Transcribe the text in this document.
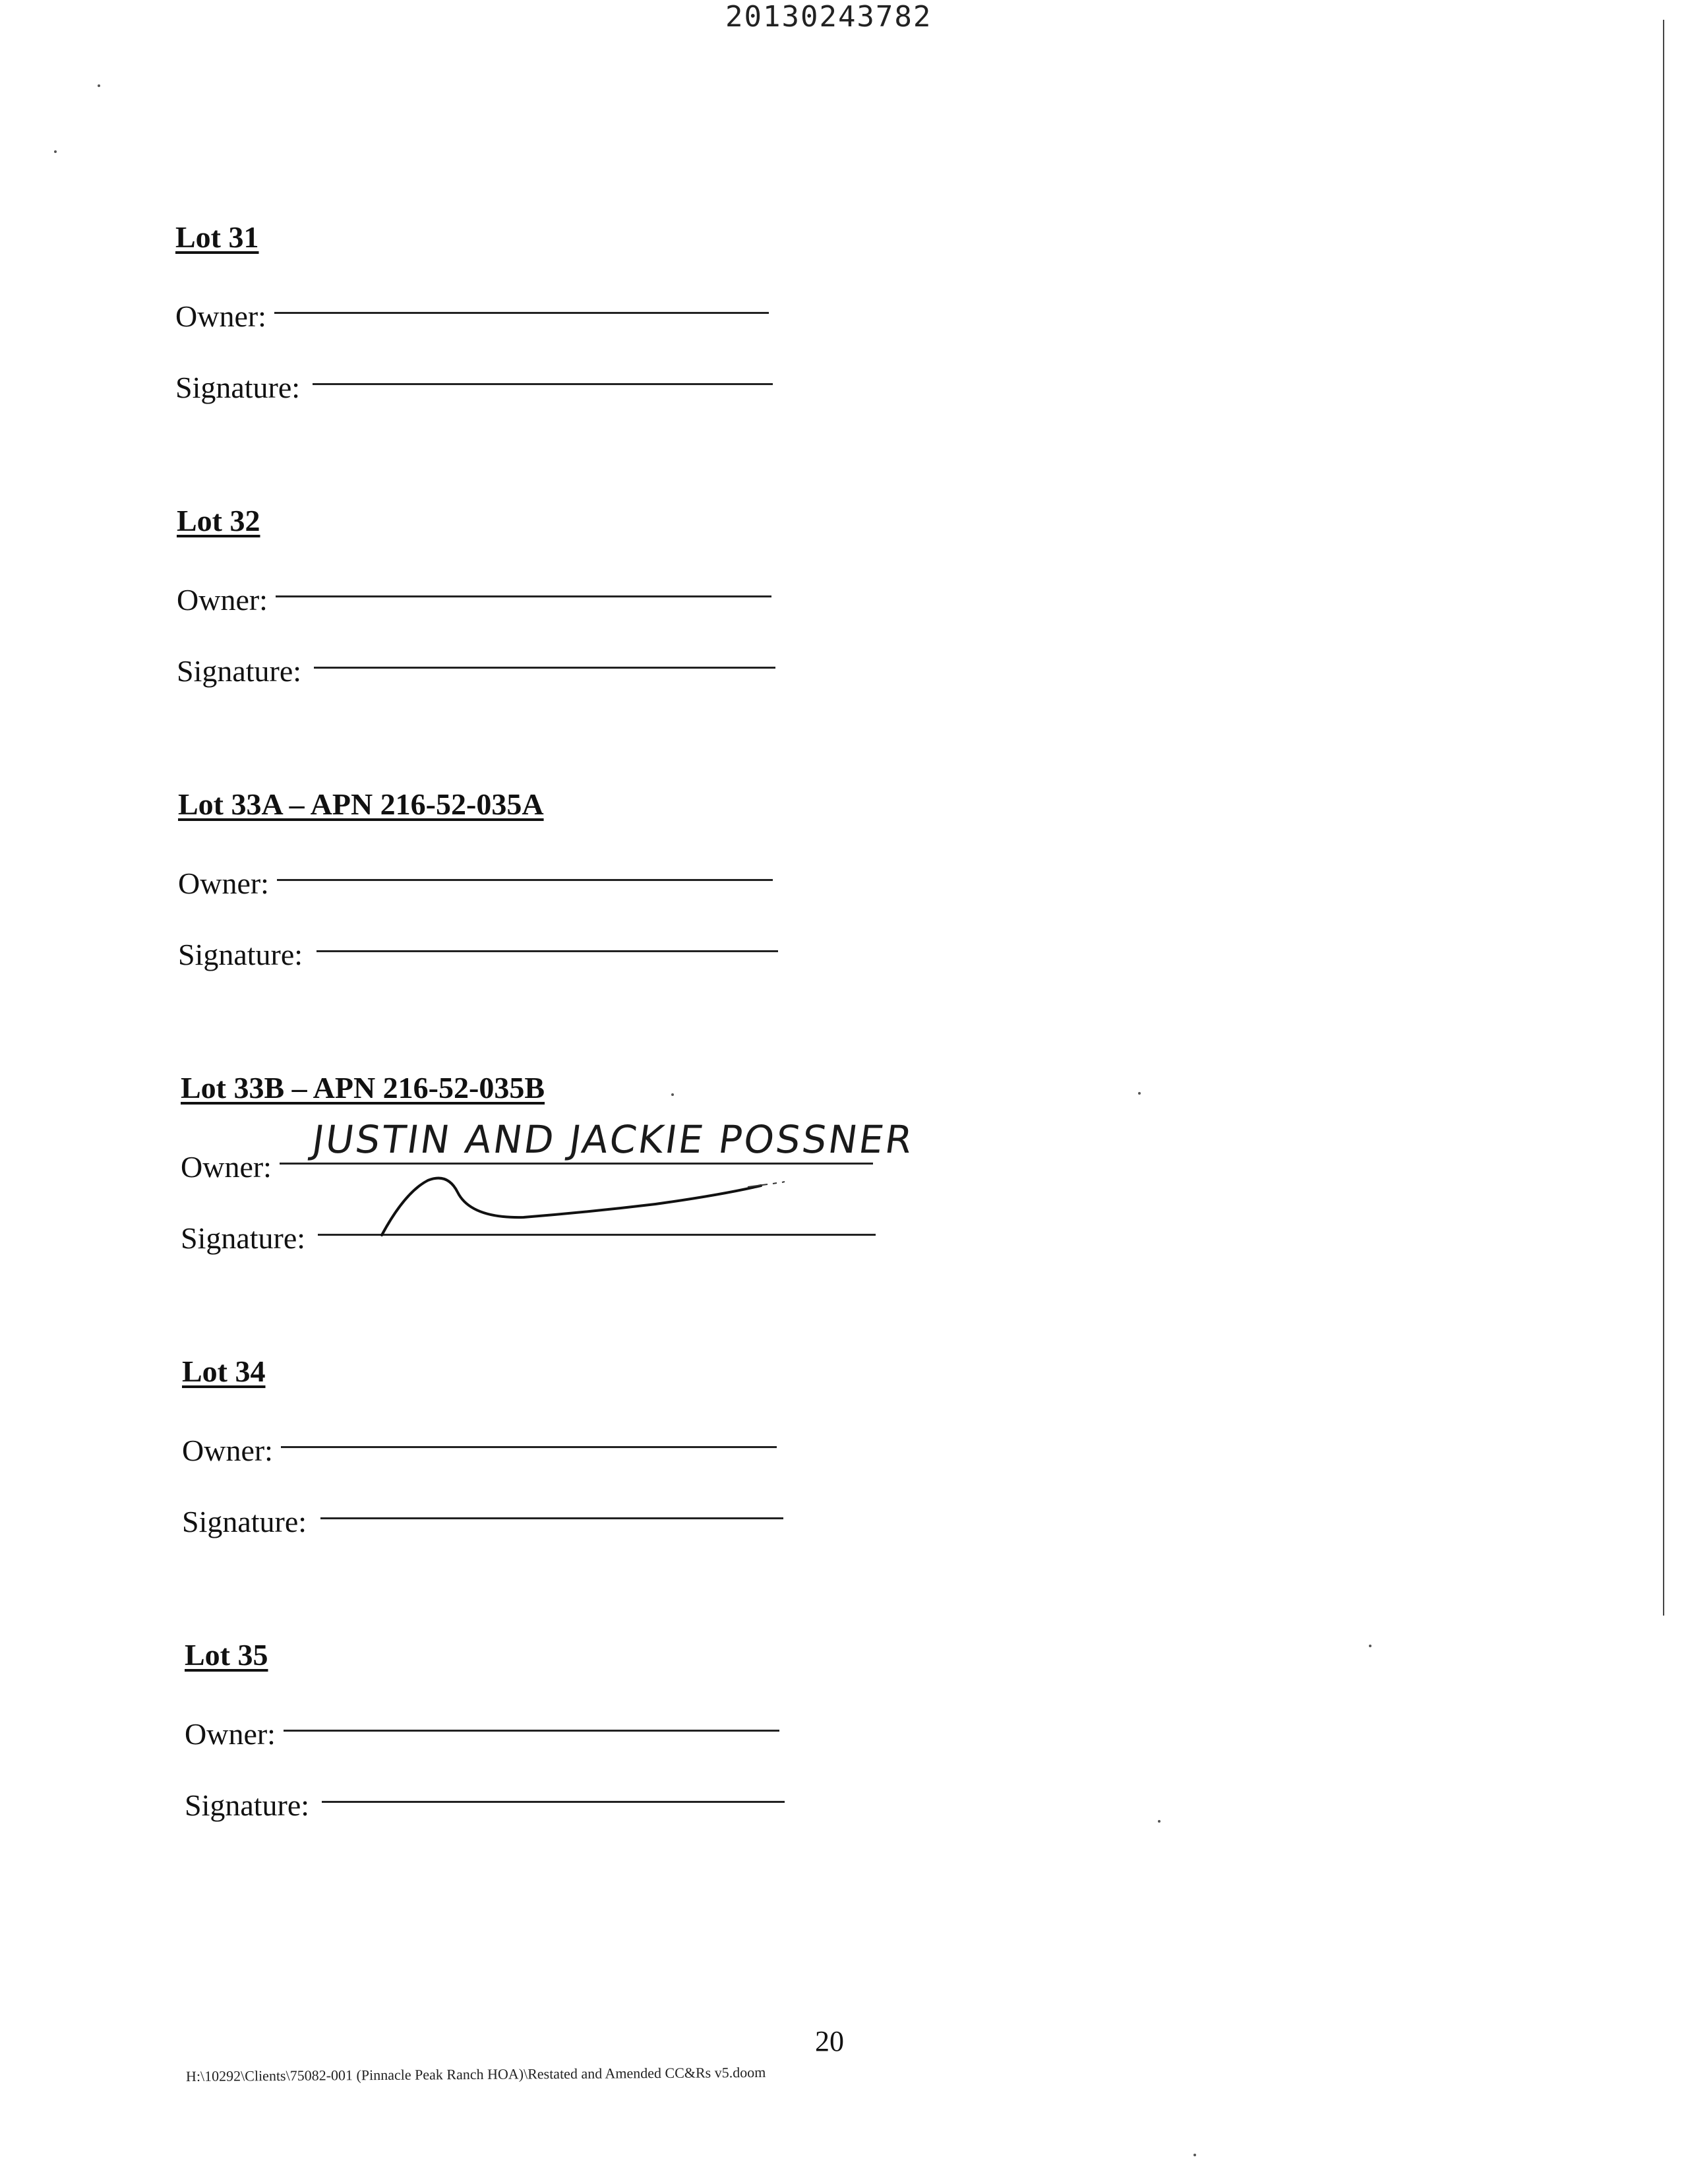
20130243782
Lot 31
Owner:
Signature:
Lot 32
Owner:
Signature:
Lot 33A – APN 216-52-035A
Owner:
Signature:
Lot 33B – APN 216-52-035B
Owner:
JUSTIN AND JACKIE POSSNER
Signature:
Lot 34
Owner:
Signature:
Lot 35
Owner:
Signature:
20
H:\10292\Clients\75082-001 (Pinnacle Peak Ranch HOA)\Restated and Amended CC&Rs v5.doom
